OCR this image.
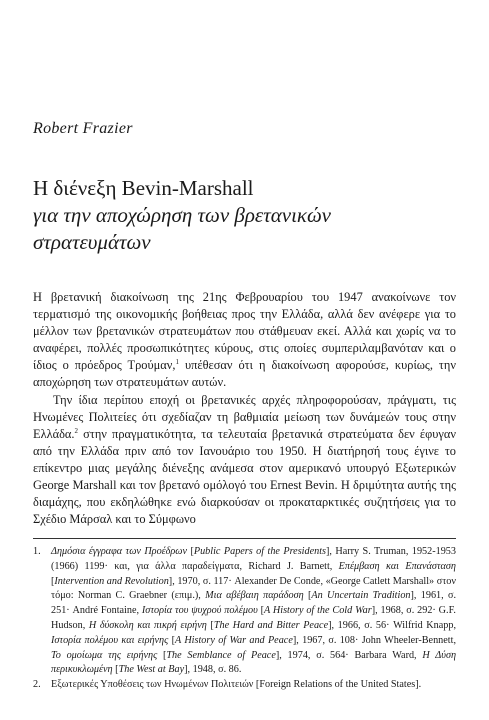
Robert Frazier
Η διένεξη Bevin-Marshall
για την αποχώρηση των βρετανικών
στρατευμάτων

Η βρετανική διακοίνωση της 21ης Φεβρουαρίου του 1947 ανακοίνωνε τον τερματισμό της οικονομικής βοήθειας προς την Ελλάδα, αλλά δεν ανέφερε για το μέλλον των βρετανικών στρατευμάτων που στάθμευαν εκεί. Αλλά και χωρίς να το αναφέρει, πολλές προσωπικότητες κύρους, στις οποίες συμπεριλαμβανόταν και ο ίδιος ο πρόεδρος Τρούμαν,$^1$ υπέθεσαν ότι η διακοίνωση αφορούσε, κυρίως, την αποχώρηση των στρατευμάτων αυτών.

Την ίδια περίπου εποχή οι βρετανικές αρχές πληροφορούσαν, πράγματι, τις Ηνωμένες Πολιτείες ότι σχεδίαζαν τη βαθμιαία μείωση των δυνάμεών τους στην Ελλάδα.$^2$ στην πραγματικότητα, τα τελευταία βρετανικά στρατεύματα δεν έφυγαν από την Ελλάδα πριν από τον Ιανουάριο του 1950. Η διατήρησή τους έγινε το επίκεντρο μιας μεγάλης διένεξης ανάμεσα στον αμερικανό υπουργό Εξωτερικών George Marshall και τον βρετανό ομόλογό του Ernest Bevin. Η δριμύτητα αυτής της διαμάχης, που εκδηλώθηκε ενώ διαρκούσαν οι προκαταρκτικές συζητήσεις για το Σχέδιο Μάρσαλ και το Σύμφωνο

1. Δημόσια έγγραφα των Προέδρων [Public Papers of the Presidents], Harry S. Truman, 1952-1953 (1966) 1199· και, για άλλα παραδείγματα, Richard J. Barnett, Επέμβαση και Επανάσταση [Intervention and Revolution], 1970, σ. 117· Alexander De Conde, «George Catlett Marshall» στον τόμο: Norman C. Graebner (επιμ.), Μια αβέβαιη παράδοση [An Uncertain Tradition], 1961, σ. 251· André Fontaine, Ιστορία του ψυχρού πολέμου [A History of the Cold War], 1968, σ. 292· G.F. Hudson, Η δύσκολη και πικρή ειρήνη [The Hard and Bitter Peace], 1966, σ. 56· Wilfrid Knapp, Ιστορία πολέμου και ειρήνης [A History of War and Peace], 1967, σ. 108· John Wheeler-Bennett, Το ομοίωμα της ειρήνης [The Semblance of Peace], 1974, σ. 564· Barbara Ward, Η Δύση περικυκλωμένη [The West at Bay], 1948, σ. 86.

2. Εξωτερικές Υποθέσεις των Ηνωμένων Πολιτειών [Foreign Relations of the United States].
